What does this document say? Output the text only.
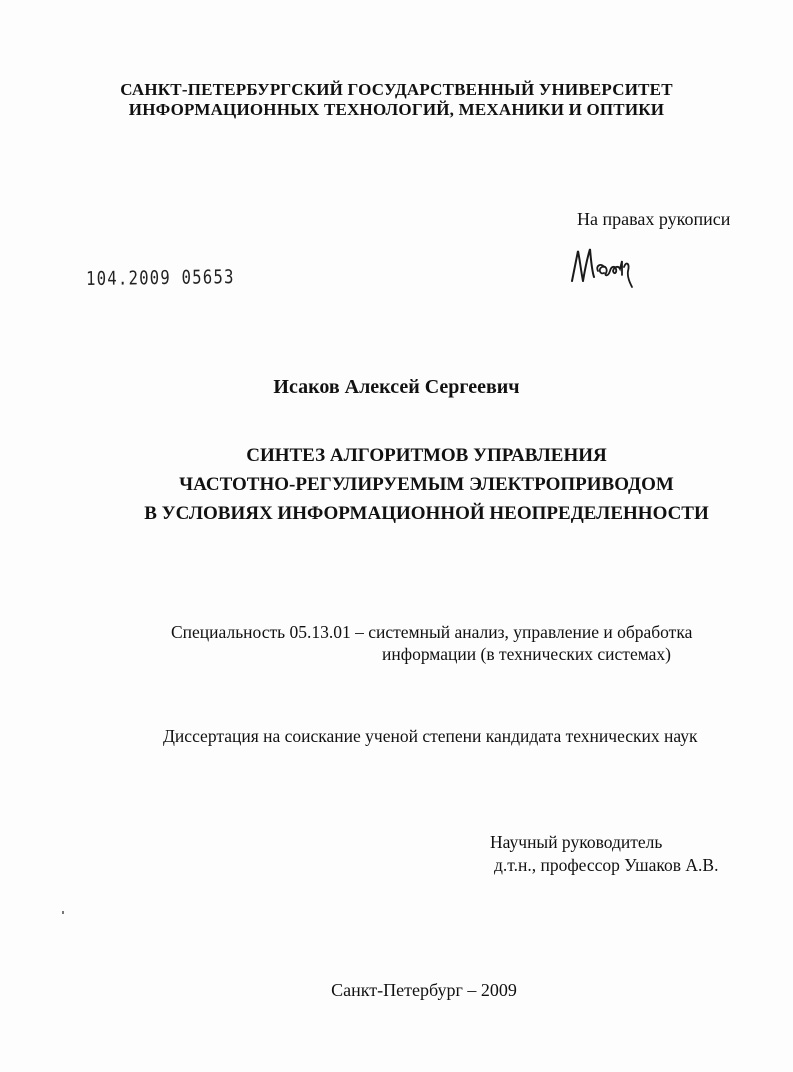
САНКТ-ПЕТЕРБУРГСКИЙ ГОСУДАРСТВЕННЫЙ УНИВЕРСИТЕТ
ИНФОРМАЦИОННЫХ ТЕХНОЛОГИЙ, МЕХАНИКИ И ОПТИКИ
На правах рукописи
104.2009 05653
Исаков Алексей Сергеевич
СИНТЕЗ АЛГОРИТМОВ УПРАВЛЕНИЯ
ЧАСТОТНО-РЕГУЛИРУЕМЫМ ЭЛЕКТРОПРИВОДОМ
В УСЛОВИЯХ ИНФОРМАЦИОННОЙ НЕОПРЕДЕЛЕННОСТИ
Специальность 05.13.01 – системный анализ, управление и обработка
информации (в технических системах)
Диссертация на соискание ученой степени кандидата технических наук
Научный руководитель
д.т.н., профессор Ушаков А.В.
Санкт-Петербург – 2009
